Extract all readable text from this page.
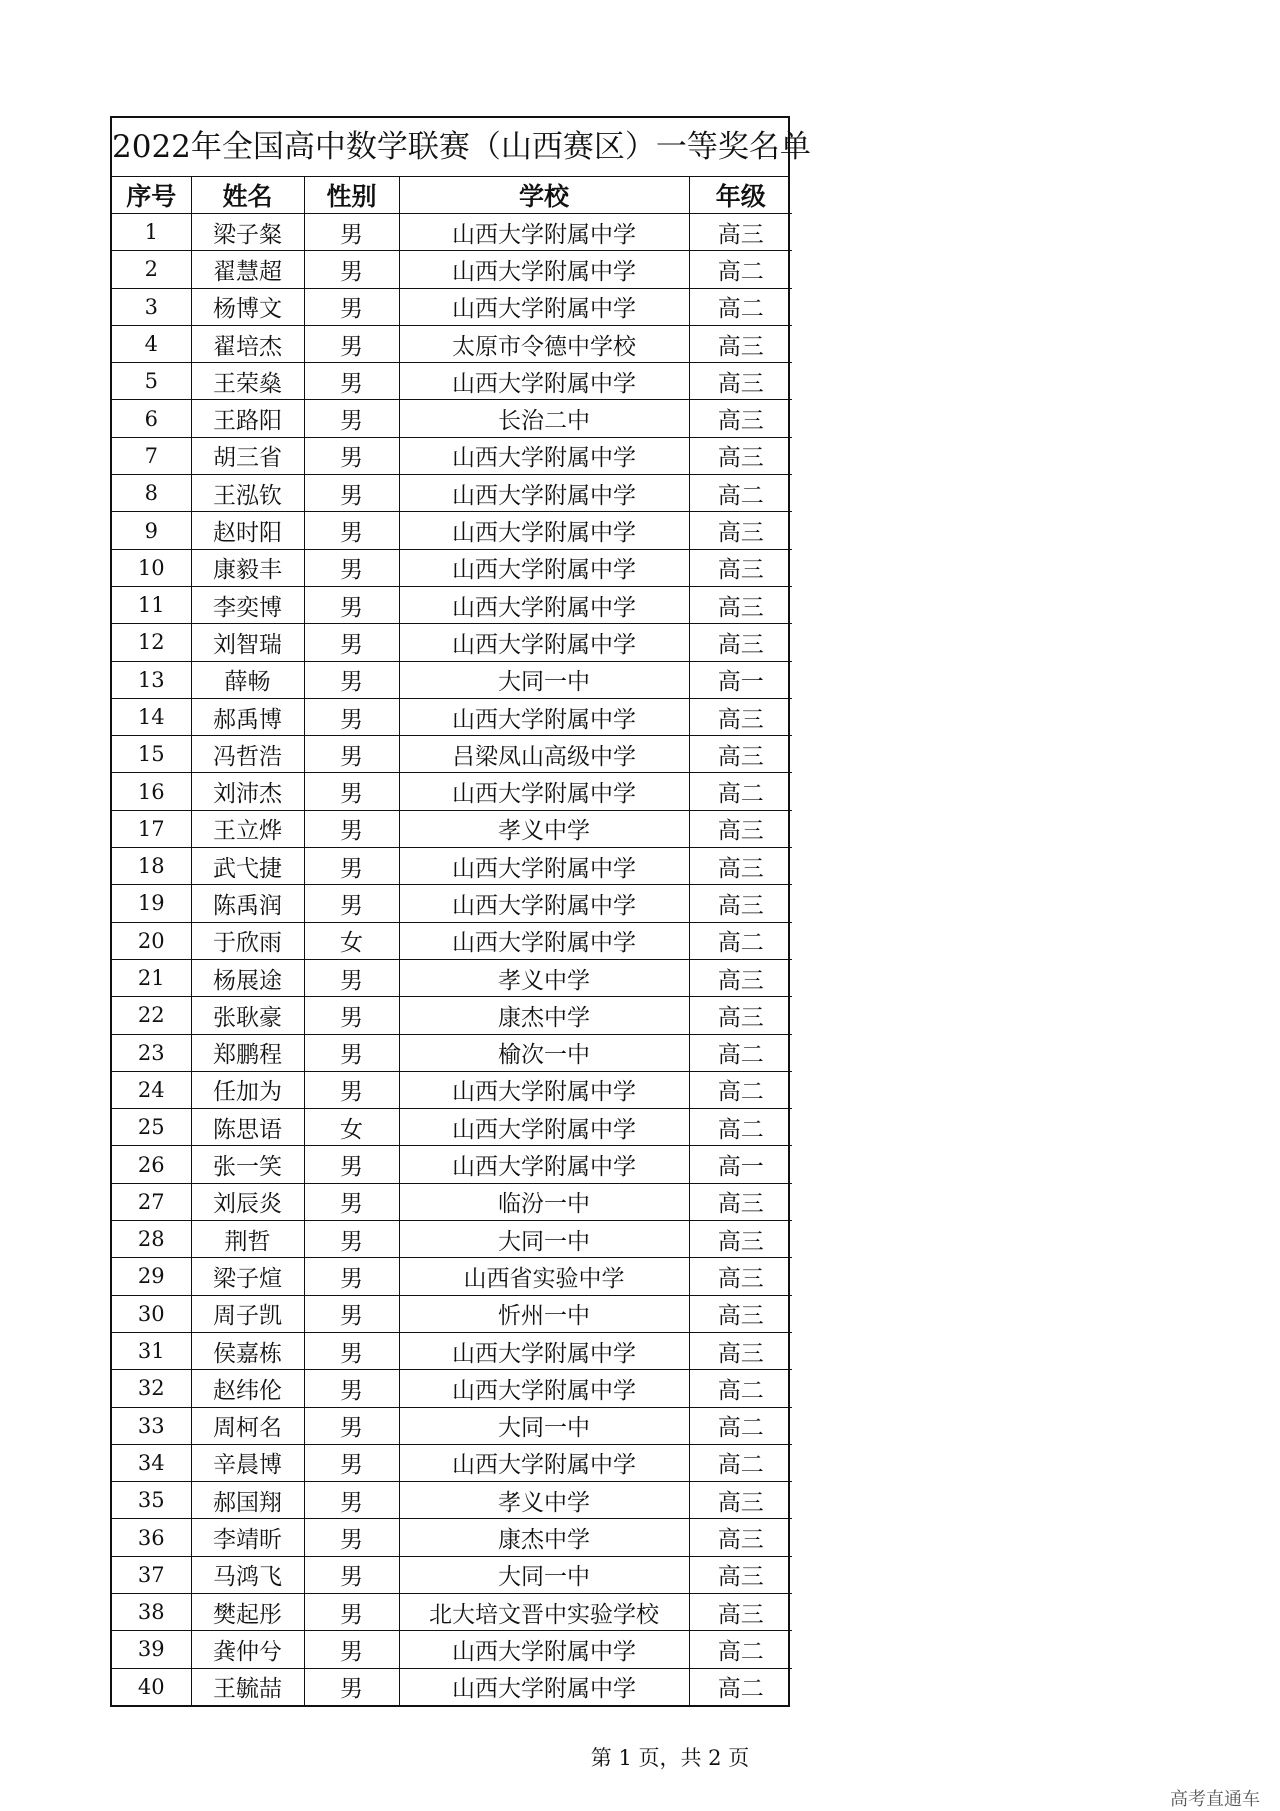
2022年全国高中数学联赛（山西赛区）一等奖名单
序号	姓名	性别	学校	年级
1	梁子粲	男	山西大学附属中学	高三
2	翟慧超	男	山西大学附属中学	高二
3	杨博文	男	山西大学附属中学	高二
4	翟培杰	男	太原市令德中学校	高三
5	王荣燊	男	山西大学附属中学	高三
6	王路阳	男	长治二中	高三
7	胡三省	男	山西大学附属中学	高三
8	王泓钦	男	山西大学附属中学	高二
9	赵时阳	男	山西大学附属中学	高三
10	康毅丰	男	山西大学附属中学	高三
11	李奕博	男	山西大学附属中学	高三
12	刘智瑞	男	山西大学附属中学	高三
13	薛畅	男	大同一中	高一
14	郝禹博	男	山西大学附属中学	高三
15	冯哲浩	男	吕梁凤山高级中学	高三
16	刘沛杰	男	山西大学附属中学	高二
17	王立烨	男	孝义中学	高三
18	武弋捷	男	山西大学附属中学	高三
19	陈禹润	男	山西大学附属中学	高三
20	于欣雨	女	山西大学附属中学	高二
21	杨展途	男	孝义中学	高三
22	张耿豪	男	康杰中学	高三
23	郑鹏程	男	榆次一中	高二
24	任加为	男	山西大学附属中学	高二
25	陈思语	女	山西大学附属中学	高二
26	张一笑	男	山西大学附属中学	高一
27	刘辰炎	男	临汾一中	高三
28	荆哲	男	大同一中	高三
29	梁子煊	男	山西省实验中学	高三
30	周子凯	男	忻州一中	高三
31	侯嘉栋	男	山西大学附属中学	高三
32	赵纬伦	男	山西大学附属中学	高二
33	周柯名	男	大同一中	高二
34	辛晨博	男	山西大学附属中学	高二
35	郝国翔	男	孝义中学	高三
36	李靖昕	男	康杰中学	高三
37	马鸿飞	男	大同一中	高三
38	樊起彤	男	北大培文晋中实验学校	高三
39	龚仲兮	男	山西大学附属中学	高二
40	王毓喆	男	山西大学附属中学	高二
第 1 页，共 2 页
高考直通车
